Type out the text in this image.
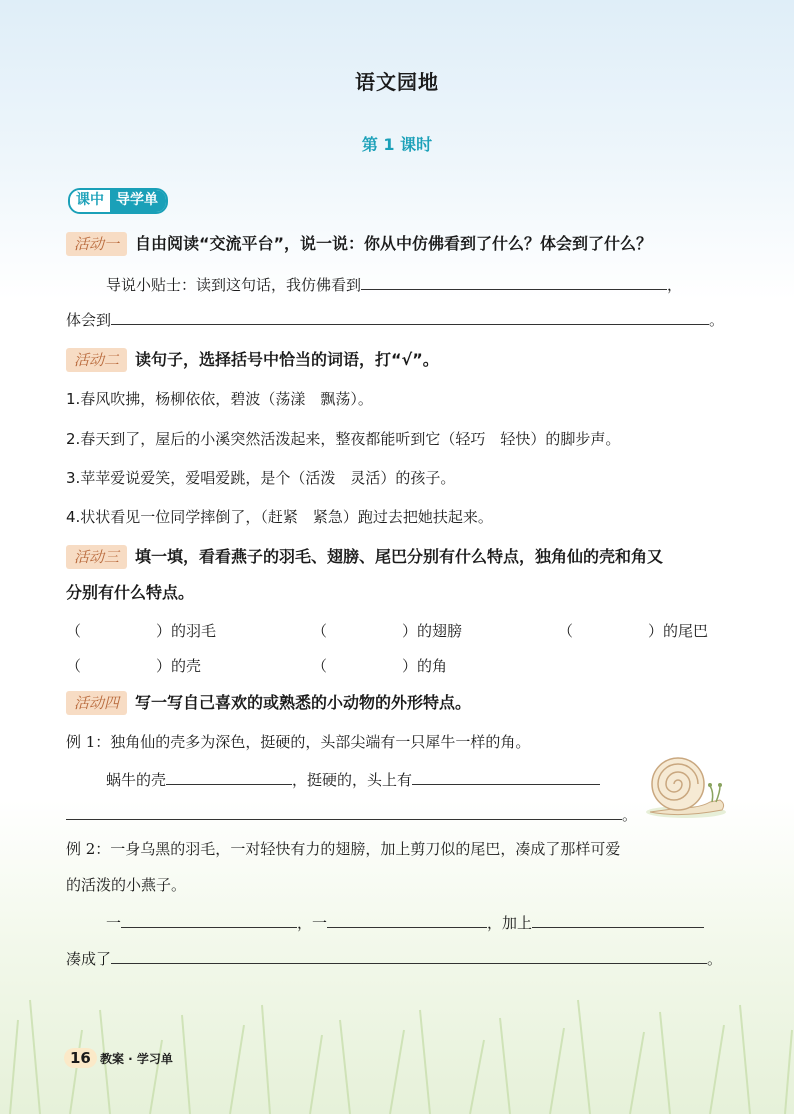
语文园地
第 1 课时
课中 导学单
活动一 自由阅读“交流平台”，说一说：你从中仿佛看到了什么？体会到了什么？
导说小贴士：读到这句话，我仿佛看到	，
体会到	。
活动二 读句子，选择括号中恰当的词语，打“√”。
1.春风吹拂，杨柳依依，碧波（荡漾　飘荡）。
2.春天到了，屋后的小溪突然活泼起来，整夜都能听到它（轻巧　轻快）的脚步声。
3.苹苹爱说爱笑，爱唱爱跳，是个（活泼　灵活）的孩子。
4.状状看见一位同学摔倒了，（赶紧　紧急）跑过去把她扶起来。
活动三 填一填，看看燕子的羽毛、翅膀、尾巴分别有什么特点，独角仙的壳和角又
分别有什么特点。
（　　　　　）的羽毛	（　　　　　）的翅膀	（　　　　　）的尾巴
（　　　　　）的壳	（　　　　　）的角
活动四 写一写自己喜欢的或熟悉的小动物的外形特点。
例 1：独角仙的壳多为深色，挺硬的，头部尖端有一只犀牛一样的角。
蜗牛的壳	，挺硬的，头上有
。
例 2：一身乌黑的羽毛，一对轻快有力的翅膀，加上剪刀似的尾巴，凑成了那样可爱
的活泼的小燕子。
一	，一	，加上
凑成了	。
16 教案 · 学习单
